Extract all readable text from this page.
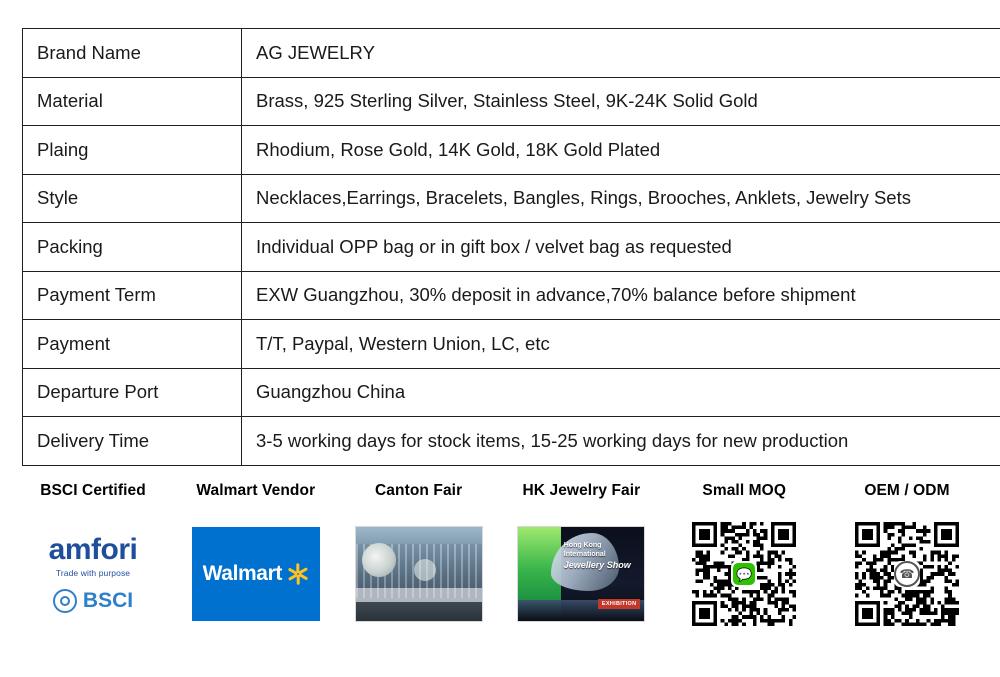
Brand Name	AG JEWELRY
Material	Brass, 925 Sterling Silver, Stainless Steel, 9K-24K Solid Gold
Plaing	Rhodium, Rose Gold, 14K Gold, 18K Gold Plated
Style	Necklaces,Earrings, Bracelets, Bangles, Rings, Brooches, Anklets, Jewelry Sets
Packing	Individual OPP bag or in gift box / velvet bag as requested
Payment Term	EXW Guangzhou, 30% deposit in advance,70% balance before shipment
Payment	T/T, Paypal, Western Union, LC, etc
Departure Port	Guangzhou China
Delivery Time	3-5 working days for stock items, 15-25 working days for new production
BSCI Certified
amfori
Trade with purpose
BSCI
Walmart Vendor
Walmart
Canton Fair	HK Jewelry Fair
Hong Kong International
Jewellery Show
EXHIBITION
Small MOQ
💬
OEM / ODM
☎
